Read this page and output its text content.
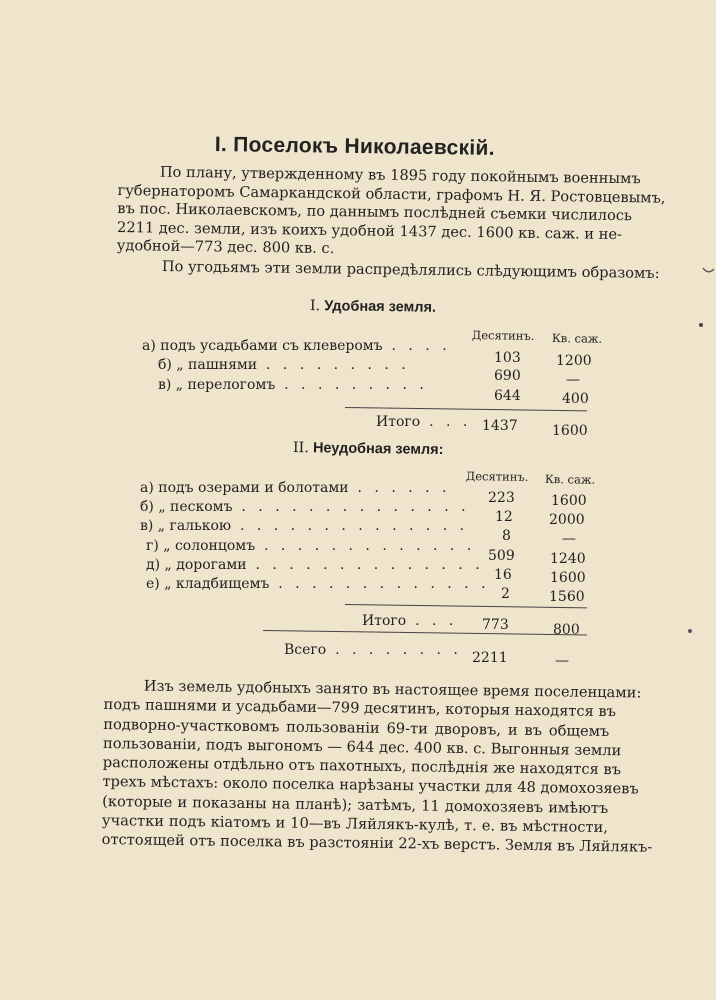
I. Поселокъ Николаевскій.
По плану, утвержденному въ 1895 году покойнымъ военнымъ
губернаторомъ Самаркандской области, графомъ Н. Я. Ростовцевымъ,
въ пос. Николаевскомъ, по даннымъ послѣдней съемки числилось
2211 дес. земли, изъ коихъ удобной 1437 дес. 1600 кв. саж. и не-
удобной—773 дес. 800 кв. с.
По угодьямъ эти земли распредѣлялись слѣдующимъ образомъ:
I. Удобная земля.
Десятинъ. Кв. саж.
а) подъ усадьбами съ клеверомъ . . . .
103	1200
б) „ пашнями . . . . . . . . .
690	—
в) „ перелогомъ . . . . . . . . .
644	400
Итого . . . 1437 1600
II. Неудобная земля:
Десятинъ. Кв. саж.
а) подъ озерами и болотами . . . . . .
223	1600
б) „ пескомъ . . . . . . . . . . . . . .
12	2000
в) „ галькою . . . . . . . . . . . . . .
8	—
г) „ солонцомъ . . . . . . . . . . . . .
509	1240
д) „ дорогами . . . . . . . . . . . . . .
16	1600
е) „ кладбищемъ . . . . . . . . . . . . .
2	1560
Итого . . . 773	800
Всего . . . . . . . . 2211	—
Изъ земель удобныхъ занято въ настоящее время поселенцами:
подъ пашнями и усадьбами—799 десятинъ, которыя находятся въ
подворно-участковомъ пользованіи 69-ти дворовъ, и въ общемъ
пользованіи, подъ выгономъ — 644 дес. 400 кв. с. Выгонныя земли
расположены отдѣльно отъ пахотныхъ, послѣднія же находятся въ
трехъ мѣстахъ: около поселка нарѣзаны участки для 48 домохозяевъ
(которые и показаны на планѣ); затѣмъ, 11 домохозяевъ имѣютъ
участки подъ кіатомъ и 10—въ Ляйлякъ-кулѣ, т. е. въ мѣстности,
отстоящей отъ поселка въ разстояніи 22-хъ верстъ. Земля въ Ляйлякъ-
